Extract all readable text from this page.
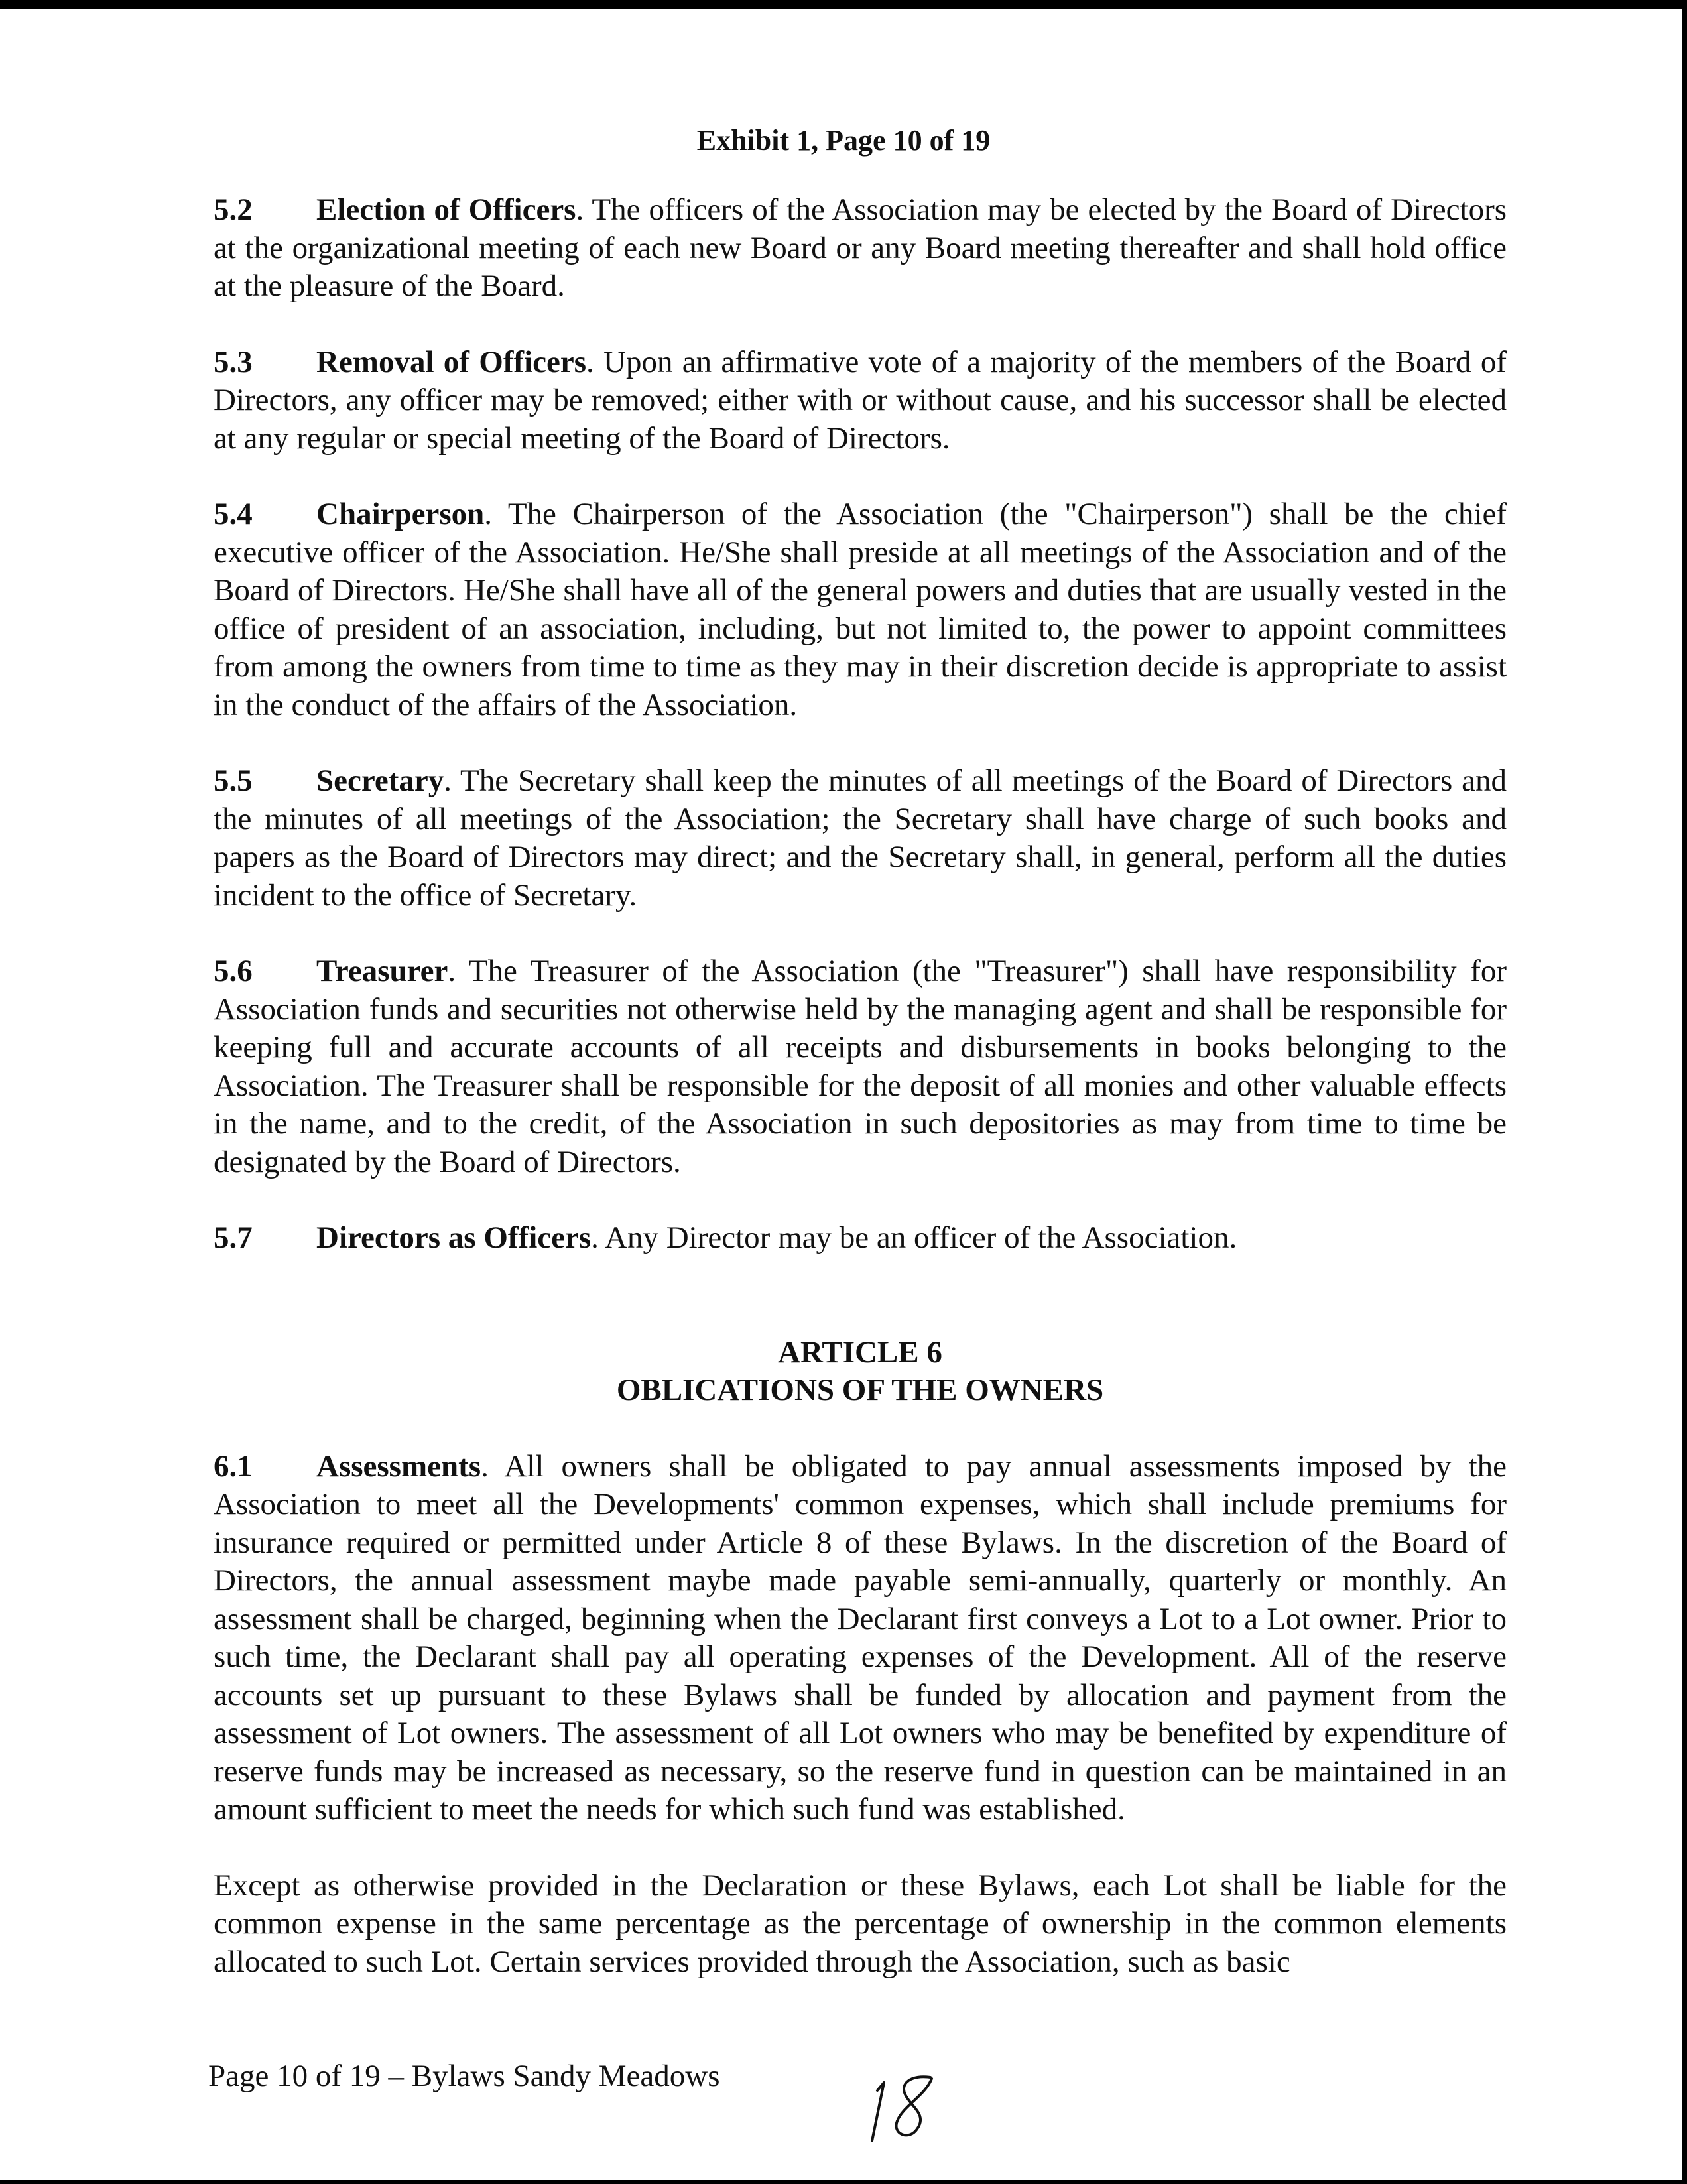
Exhibit 1, Page 10 of 19

5.2 Election of Officers. The officers of the Association may be elected by the Board of Directors at the organizational meeting of each new Board or any Board meeting thereafter and shall hold office at the pleasure of the Board.

5.3 Removal of Officers. Upon an affirmative vote of a majority of the members of the Board of Directors, any officer may be removed; either with or without cause, and his successor shall be elected at any regular or special meeting of the Board of Directors.

5.4 Chairperson. The Chairperson of the Association (the "Chairperson") shall be the chief executive officer of the Association. He/She shall preside at all meetings of the Association and of the Board of Directors. He/She shall have all of the general powers and duties that are usually vested in the office of president of an association, including, but not limited to, the power to appoint committees from among the owners from time to time as they may in their discretion decide is appropriate to assist in the conduct of the affairs of the Association.

5.5 Secretary. The Secretary shall keep the minutes of all meetings of the Board of Directors and the minutes of all meetings of the Association; the Secretary shall have charge of such books and papers as the Board of Directors may direct; and the Secretary shall, in general, perform all the duties incident to the office of Secretary.

5.6 Treasurer. The Treasurer of the Association (the "Treasurer") shall have responsibility for Association funds and securities not otherwise held by the managing agent and shall be responsible for keeping full and accurate accounts of all receipts and disbursements in books belonging to the Association. The Treasurer shall be responsible for the deposit of all monies and other valuable effects in the name, and to the credit, of the Association in such depositories as may from time to time be designated by the Board of Directors.

5.7 Directors as Officers. Any Director may be an officer of the Association.

ARTICLE 6
OBLICATIONS OF THE OWNERS

6.1 Assessments. All owners shall be obligated to pay annual assessments imposed by the Association to meet all the Developments' common expenses, which shall include premiums for insurance required or permitted under Article 8 of these Bylaws. In the discretion of the Board of Directors, the annual assessment maybe made payable semi-annually, quarterly or monthly. An assessment shall be charged, beginning when the Declarant first conveys a Lot to a Lot owner. Prior to such time, the Declarant shall pay all operating expenses of the Development. All of the reserve accounts set up pursuant to these Bylaws shall be funded by allocation and payment from the assessment of Lot owners. The assessment of all Lot owners who may be benefited by expenditure of reserve funds may be increased as necessary, so the reserve fund in question can be maintained in an amount sufficient to meet the needs for which such fund was established.

Except as otherwise provided in the Declaration or these Bylaws, each Lot shall be liable for the common expense in the same percentage as the percentage of ownership in the common elements allocated to such Lot. Certain services provided through the Association, such as basic

Page 10 of 19 – Bylaws Sandy Meadows
